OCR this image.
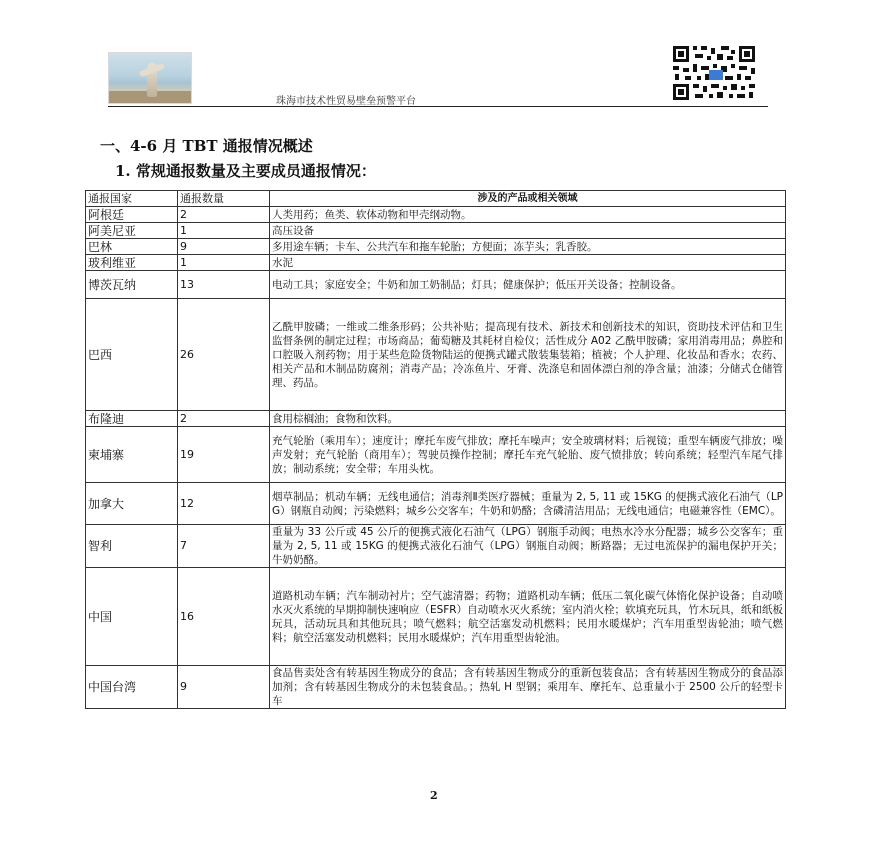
珠海市技术性贸易壁垒预警平台
一、4-6 月 TBT 通报情况概述
1. 常规通报数量及主要成员通报情况：
通报国家	通报数量	涉及的产品或相关领域
阿根廷	2	人类用药；鱼类、软体动物和甲壳纲动物。
阿美尼亚	1	高压设备
巴林	9	多用途车辆；卡车、公共汽车和拖车轮胎；方便面；冻芋头；乳香胶。
玻利维亚	1	水泥
博茨瓦纳	13	电动工具；家庭安全；牛奶和加工奶制品；灯具；健康保护；低压开关设备；控制设备。
巴西	26	乙酰甲胺磷；一维或二维条形码；公共补贴；提高现有技术、新技术和创新技术的知识，资助技术评估和卫生监督条例的制定过程；市场商品；葡萄糖及其耗材自检仪；活性成分 A02 乙酰甲胺磷；家用消毒用品；鼻腔和口腔吸入剂药物；用于某些危险货物陆运的便携式罐式散装集装箱；植被；个人护理、化妆品和香水；农药、相关产品和木制品防腐剂；消毒产品；冷冻鱼片、牙膏、洗涤皂和固体漂白剂的净含量；油漆；分储式仓储管理、药品。
布隆迪	2	食用棕榈油；食物和饮料。
柬埔寨	19	充气轮胎（乘用车）；速度计；摩托车废气排放；摩托车噪声；安全玻璃材料；后视镜；重型车辆废气排放；噪声发射；充气轮胎（商用车）；驾驶员操作控制；摩托车充气轮胎、废气愤排放；转向系统；轻型汽车尾气排放；制动系统；安全带；车用头枕。
加拿大	12	烟草制品；机动车辆；无线电通信；消毒剂Ⅱ类医疗器械；重量为 2, 5, 11 或 15KG 的便携式液化石油气（LPG）钢瓶自动阀；污染燃料；城乡公交客车；牛奶和奶酪；含磷清洁用品；无线电通信；电磁兼容性（EMC）。
智利	7	重量为 33 公斤或 45 公斤的便携式液化石油气（LPG）钢瓶手动阀；电热水冷水分配器；城乡公交客车；重量为 2, 5, 11 或 15KG 的便携式液化石油气（LPG）钢瓶自动阀；断路器；无过电流保护的漏电保护开关；牛奶奶酪。
中国	16	道路机动车辆；汽车制动衬片；空气滤清器；药物；道路机动车辆；低压二氧化碳气体惰化保护设备；自动喷水灭火系统的早期抑制快速响应（ESFR）自动喷水灭火系统；室内消火栓；软填充玩具，竹木玩具，纸和纸板玩具，活动玩具和其他玩具；喷气燃料；航空活塞发动机燃料；民用水暖煤炉；汽车用重型齿轮油；喷气燃料；航空活塞发动机燃料；民用水暖煤炉；汽车用重型齿轮油。
中国台湾	9	食品售卖处含有转基因生物成分的食品；含有转基因生物成分的重新包装食品；含有转基因生物成分的食品添加剂；含有转基因生物成分的未包装食品。；热轧 H 型钢；乘用车、摩托车、总重量小于 2500 公斤的轻型卡车
2
